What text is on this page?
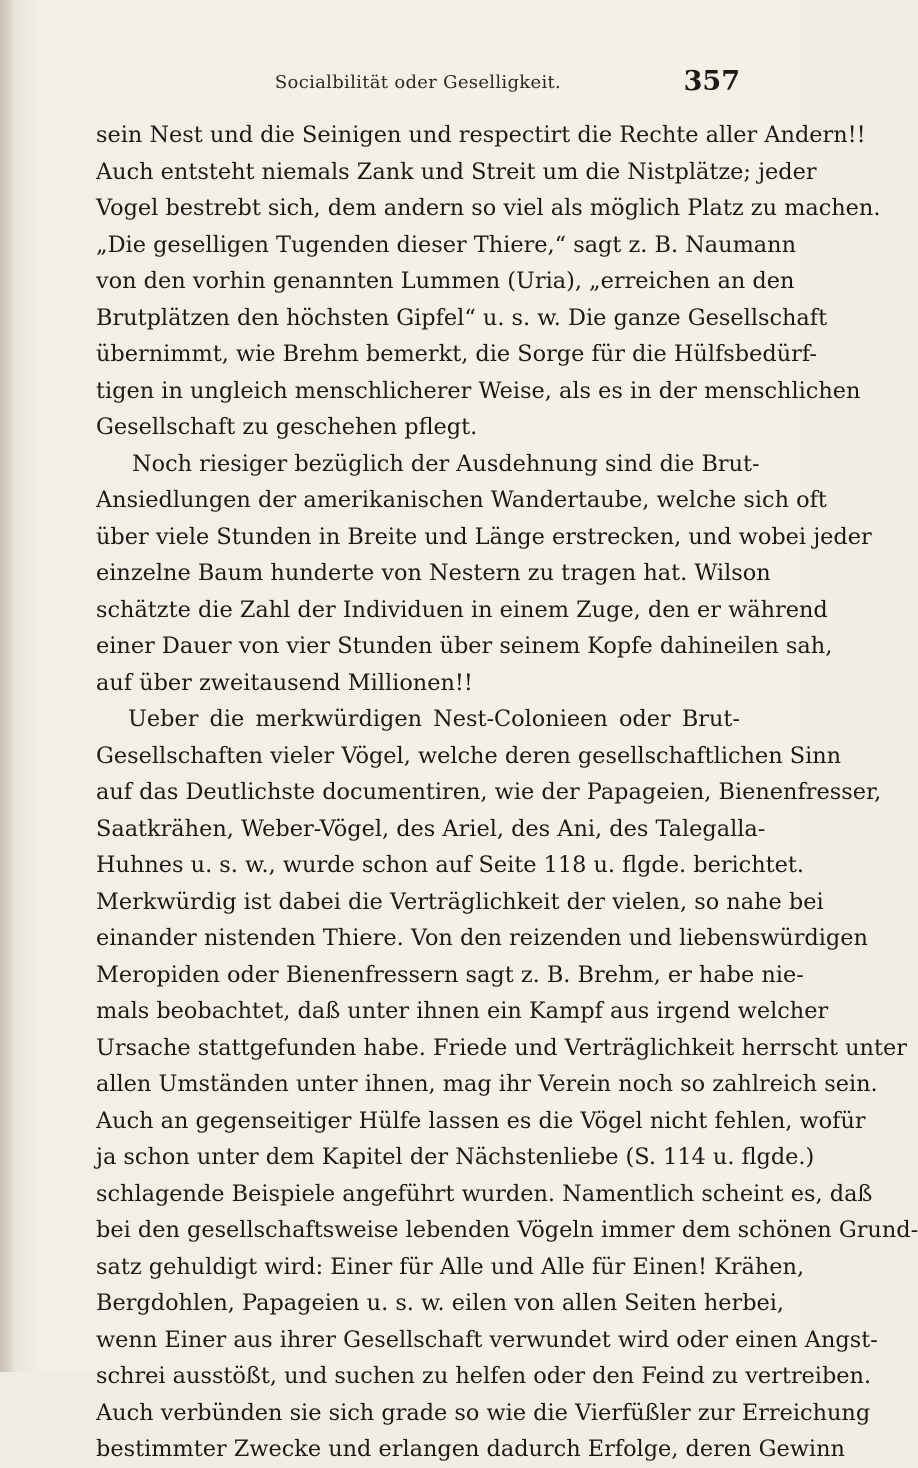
Socialbilität oder Geselligkeit.	357
sein Nest und die Seinigen und respectirt die Rechte aller Andern!!
Auch entsteht niemals Zank und Streit um die Nistplätze; jeder
Vogel bestrebt sich, dem andern so viel als möglich Platz zu machen.
„Die geselligen Tugenden dieser Thiere,“ sagt z. B. Naumann
von den vorhin genannten Lummen (Uria), „erreichen an den
Brutplätzen den höchsten Gipfel“ u. s. w. Die ganze Gesellschaft
übernimmt, wie Brehm bemerkt, die Sorge für die Hülfsbedürf-
tigen in ungleich menschlicherer Weise, als es in der menschlichen
Gesellschaft zu geschehen pflegt.
Noch riesiger bezüglich der Ausdehnung sind die Brut-
Ansiedlungen der amerikanischen Wandertaube, welche sich oft
über viele Stunden in Breite und Länge erstrecken, und wobei jeder
einzelne Baum hunderte von Nestern zu tragen hat. Wilson
schätzte die Zahl der Individuen in einem Zuge, den er während
einer Dauer von vier Stunden über seinem Kopfe dahineilen sah,
auf über zweitausend Millionen!!
Ueber die merkwürdigen Nest-Colonieen oder Brut-
Gesellschaften vieler Vögel, welche deren gesellschaftlichen Sinn
auf das Deutlichste documentiren, wie der Papageien, Bienenfresser,
Saatkrähen, Weber-Vögel, des Ariel, des Ani, des Talegalla-
Huhnes u. s. w., wurde schon auf Seite 118 u. flgde. berichtet.
Merkwürdig ist dabei die Verträglichkeit der vielen, so nahe bei
einander nistenden Thiere. Von den reizenden und liebenswürdigen
Meropiden oder Bienenfressern sagt z. B. Brehm, er habe nie-
mals beobachtet, daß unter ihnen ein Kampf aus irgend welcher
Ursache stattgefunden habe. Friede und Verträglichkeit herrscht unter
allen Umständen unter ihnen, mag ihr Verein noch so zahlreich sein.
Auch an gegenseitiger Hülfe lassen es die Vögel nicht fehlen, wofür
ja schon unter dem Kapitel der Nächstenliebe (S. 114 u. flgde.)
schlagende Beispiele angeführt wurden. Namentlich scheint es, daß
bei den gesellschaftsweise lebenden Vögeln immer dem schönen Grund-
satz gehuldigt wird: Einer für Alle und Alle für Einen! Krähen,
Bergdohlen, Papageien u. s. w. eilen von allen Seiten herbei,
wenn Einer aus ihrer Gesellschaft verwundet wird oder einen Angst-
schrei ausstößt, und suchen zu helfen oder den Feind zu vertreiben.
Auch verbünden sie sich grade so wie die Vierfüßler zur Erreichung
bestimmter Zwecke und erlangen dadurch Erfolge, deren Gewinn
